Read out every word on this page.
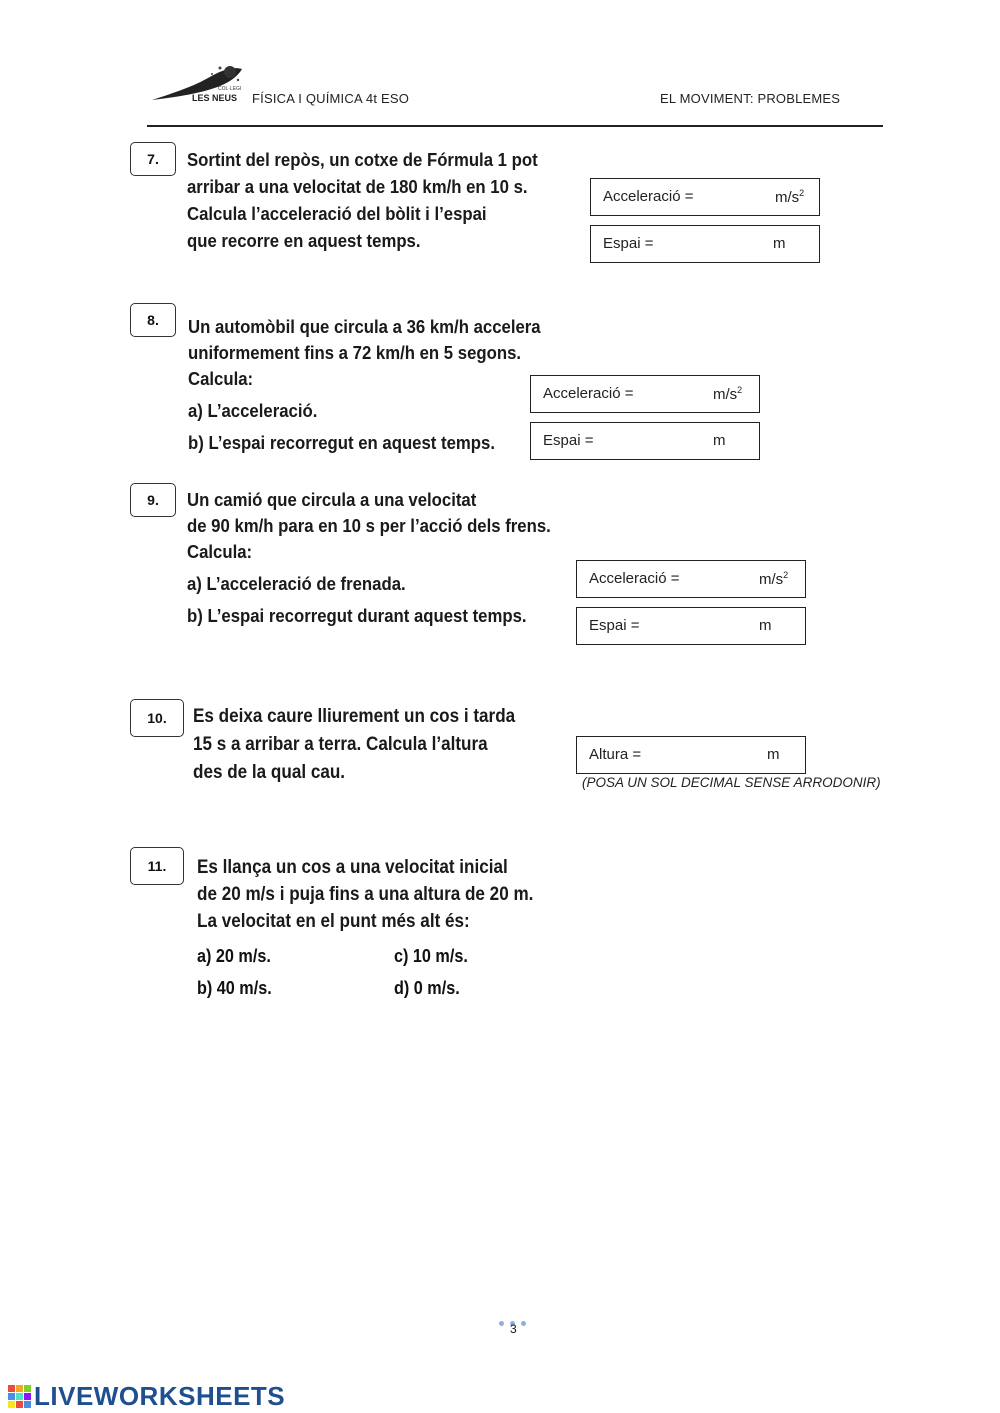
COL·LEGI
LES NEUS FÍSICA I QUÍMICA 4t ESO	EL MOVIMENT: PROBLEMES
7.	Sortint del repòs, un cotxe de Fórmula 1 pot
arribar a una velocitat de 180 km/h en 10 s.
Calcula l’acceleració del bòlit i l’espai
que recorre en aquest temps.
Acceleració =	$m/s^2$
Espai =	m
8.	Un automòbil que circula a 36 km/h accelera
uniformement fins a 72 km/h en 5 segons.
Calcula:
a) L’acceleració.
b) L’espai recorregut en aquest temps.
Acceleració =	$m/s^2$
Espai =	m
9.	Un camió que circula a una velocitat
de 90 km/h para en 10 s per l’acció dels frens.
Calcula:
a) L’acceleració de frenada.
b) L’espai recorregut durant aquest temps.
Acceleració =	$m/s^2$
Espai =	m
10.	Es deixa caure lliurement un cos i tarda
15 s a arribar a terra. Calcula l’altura
des de la qual cau.
Altura =	m
(POSA UN SOL DECIMAL SENSE ARRODONIR)
11.	Es llança un cos a una velocitat inicial
de 20 m/s i puja fins a una altura de 20 m.
La velocitat en el punt més alt és:
a) 20 m/s.
b) 40 m/s.
c) 10 m/s.
d) 0 m/s.
3
LIVEWORKSHEETS
